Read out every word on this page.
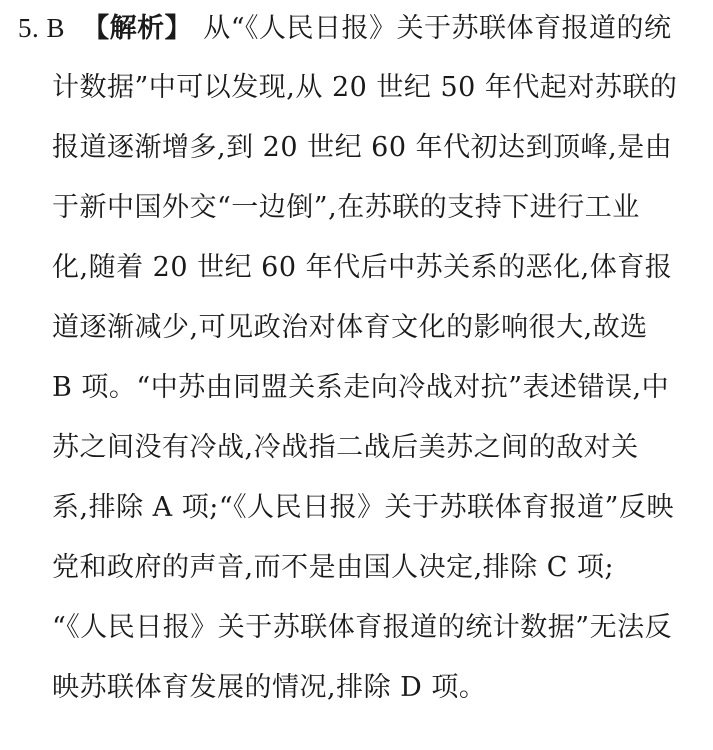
5. B 【解析】 从“《人民日报》关于苏联体育报道的统
计数据”中可以发现,从 20 世纪 50 年代起对苏联的
报道逐渐增多,到 20 世纪 60 年代初达到顶峰,是由
于新中国外交“一边倒”,在苏联的支持下进行工业
化,随着 20 世纪 60 年代后中苏关系的恶化,体育报
道逐渐减少,可见政治对体育文化的影响很大,故选
B 项。“中苏由同盟关系走向冷战对抗”表述错误,中
苏之间没有冷战,冷战指二战后美苏之间的敌对关
系,排除 A 项;“《人民日报》关于苏联体育报道”反映
党和政府的声音,而不是由国人决定,排除 C 项;
“《人民日报》关于苏联体育报道的统计数据”无法反
映苏联体育发展的情况,排除 D 项。
